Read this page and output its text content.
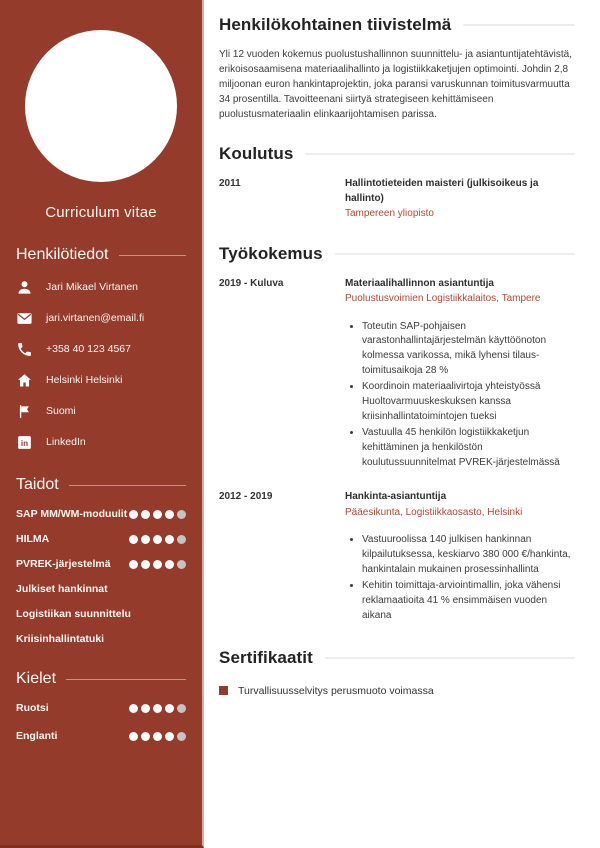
Curriculum vitae
Henkilötiedot
Jari Mikael Virtanen
jari.virtanen@email.fi
+358 40 123 4567
Helsinki Helsinki
Suomi
in LinkedIn
Taidot
SAP MM/WM-moduulit
HILMA
PVREK-järjestelmä
Julkiset hankinnat
Logistiikan suunnittelu
Kriisinhallintatuki
Kielet
Ruotsi
Englanti
Henkilökohtainen tiivistelmä

Yli 12 vuoden kokemus puolustushallinnon suunnittelu- ja asiantuntijatehtävistä, erikoisosaamisena materiaalihallinto ja logistiikkaketjujen optimointi. Johdin 2,8 miljoonan euron hankintaprojektin, joka paransi varuskunnan toimitusvarmuutta 34 prosentilla. Tavoitteenani siirtyä strategiseen kehittämiseen puolustusmateriaalin elinkaarijohtamisen parissa.

Koulutus
2011	Hallintotieteiden maisteri (julkisoikeus ja hallinto)
Tampereen yliopisto
Työkokemus
2019 - Kuluva	Materiaalihallinnon asiantuntija
Puolustusvoimien Logistiikkalaitos, Tampere
• Toteutin SAP-pohjaisen varastonhallintajärjestelmän käyttöönoton kolmessa varikossa, mikä lyhensi tilaus-toimitusaikoja 28 %
• Koordinoin materiaalivirtoja yhteistyössä Huoltovarmuuskeskuksen kanssa kriisinhallintatoimintojen tueksi
• Vastuulla 45 henkilön logistiikkaketjun kehittäminen ja henkilöstön koulutussuunnitelmat PVREK-järjestelmässä
2012 - 2019	Hankinta-asiantuntija
Pääesikunta, Logistiikkaosasto, Helsinki
• Vastuuroolissa 140 julkisen hankinnan kilpailutuksessa, keskiarvo 380 000 €/hankinta, hankintalain mukainen prosessinhallinta
• Kehitin toimittaja-arviointimallin, joka vähensi reklamaatioita 41 % ensimmäisen vuoden aikana
Sertifikaatit
Turvallisuusselvitys perusmuoto voimassa
